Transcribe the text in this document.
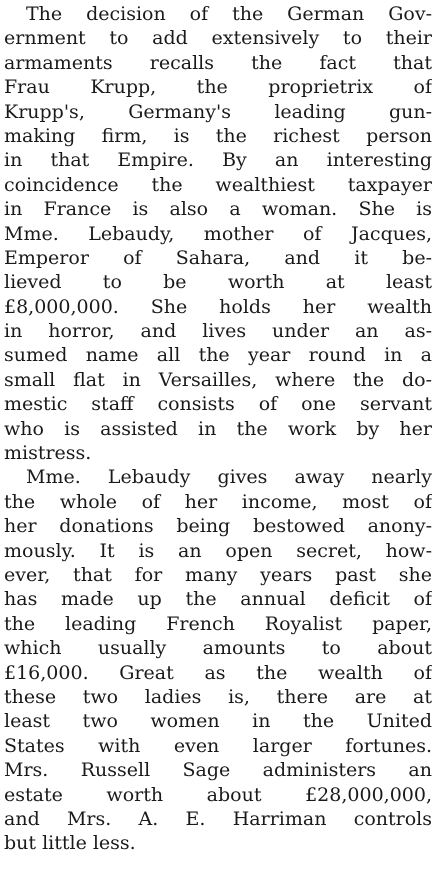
The decision of the German Gov-
ernment to add extensively to their
armaments recalls the fact that
Frau Krupp, the proprietrix of
Krupp's, Germany's leading gun-
making firm, is the richest person
in that Empire. By an interesting
coincidence the wealthiest taxpayer
in France is also a woman. She is
Mme. Lebaudy, mother of Jacques,
Emperor of Sahara, and it be-
lieved to be worth at least
£8,000,000. She holds her wealth
in horror, and lives under an as-
sumed name all the year round in a
small flat in Versailles, where the do-
mestic staff consists of one servant
who is assisted in the work by her
mistress.
Mme. Lebaudy gives away nearly
the whole of her income, most of
her donations being bestowed anony-
mously. It is an open secret, how-
ever, that for many years past she
has made up the annual deficit of
the leading French Royalist paper,
which usually amounts to about
£16,000. Great as the wealth of
these two ladies is, there are at
least two women in the United
States with even larger fortunes.
Mrs. Russell Sage administers an
estate worth about £28,000,000,
and Mrs. A. E. Harriman controls
but little less.
